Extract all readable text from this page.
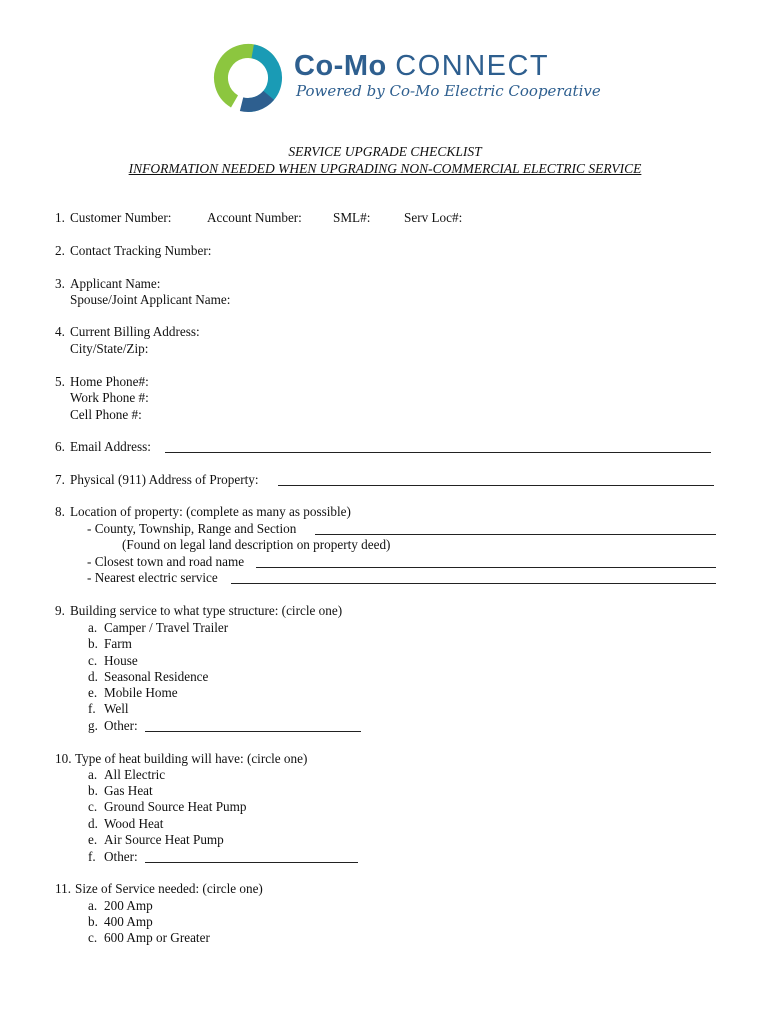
Co-Mo CONNECT
Powered by Co-Mo Electric Cooperative
SERVICE UPGRADE CHECKLIST
INFORMATION NEEDED WHEN UPGRADING NON-COMMERCIAL ELECTRIC SERVICE
1. Customer Number:	Account Number: SML#:	Serv Loc#:
2. Contact Tracking Number:
3. Applicant Name:
Spouse/Joint Applicant Name:
4. Current Billing Address:
City/State/Zip:
5. Home Phone#:
Work Phone #:
Cell Phone #:
6. Email Address:
7. Physical (911) Address of Property:
8. Location of property: (complete as many as possible)
- County, Township, Range and Section
(Found on legal land description on property deed)
- Closest town and road name
- Nearest electric service
9. Building service to what type structure: (circle one)
a. Camper / Travel Trailer
b. Farm
c. House
d. Seasonal Residence
e. Mobile Home
f. Well
g. Other:
10. Type of heat building will have: (circle one)
a. All Electric
b. Gas Heat
c. Ground Source Heat Pump
d. Wood Heat
e. Air Source Heat Pump
f. Other:
11. Size of Service needed: (circle one)
a. 200 Amp
b. 400 Amp
c. 600 Amp or Greater
